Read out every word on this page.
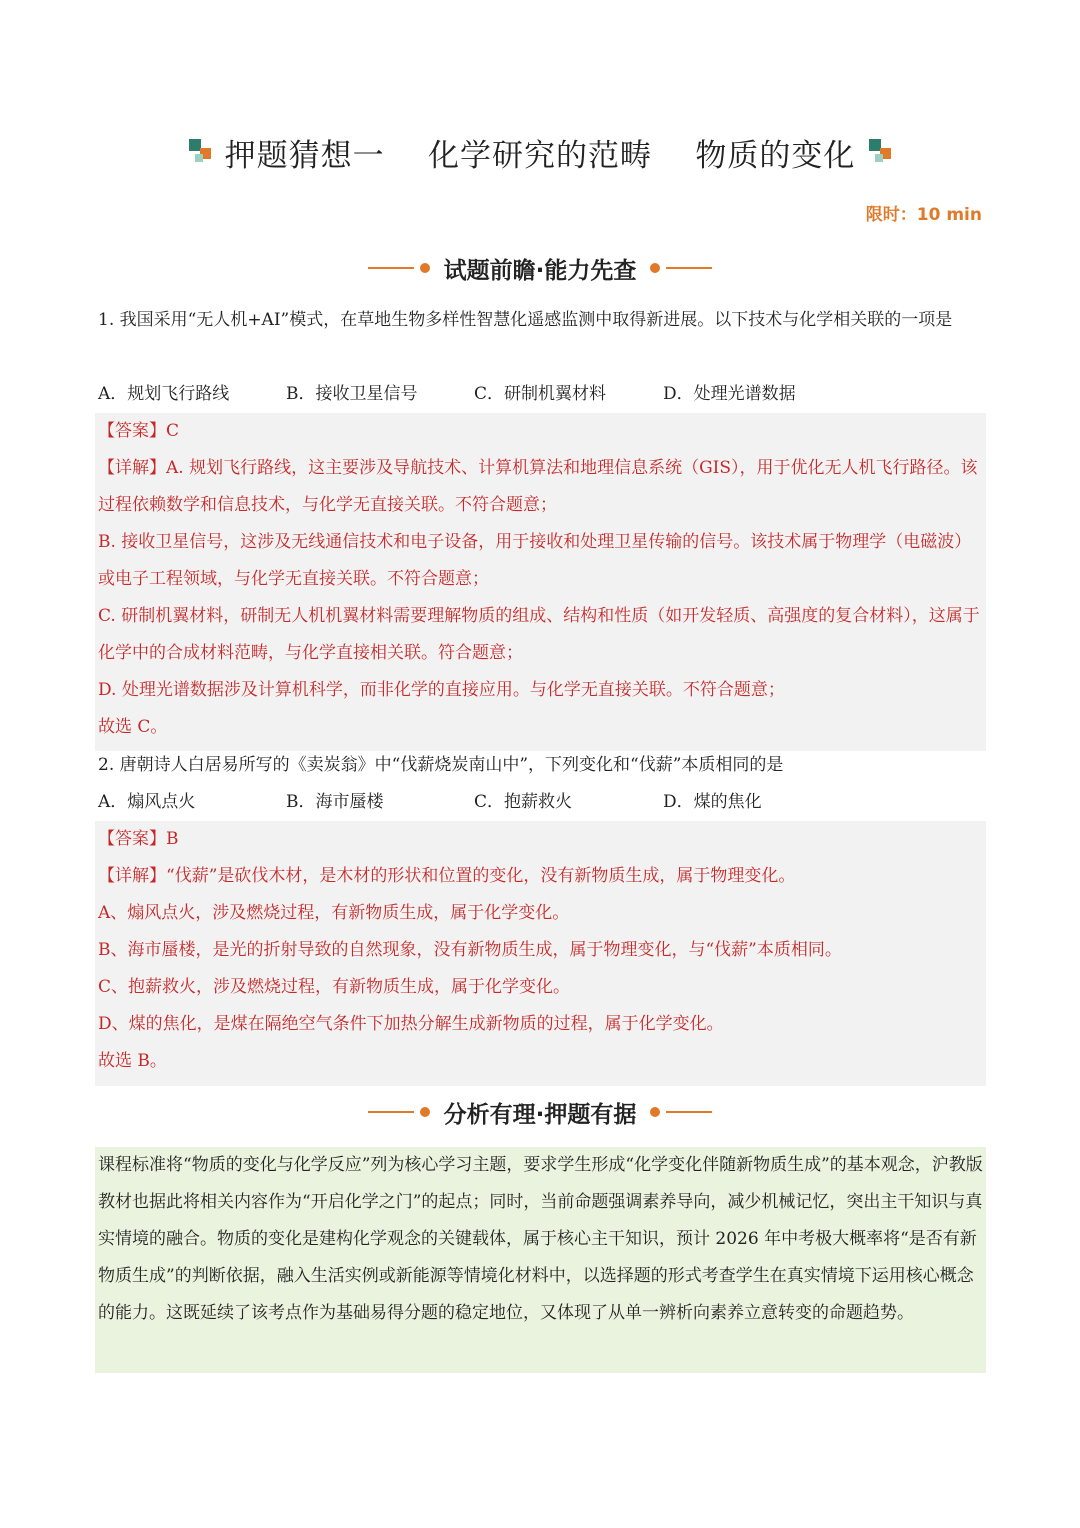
押题猜想一    化学研究的范畴    物质的变化
限时：10 min
试题前瞻·能力先查
1. 我国采用“无人机+AI”模式，在草地生物多样性智慧化遥感监测中取得新进展。以下技术与化学相关联的一项是
A．规划飞行路线	B．接收卫星信号	C．研制机翼材料	D．处理光谱数据

【答案】C

【详解】A. 规划飞行路线，这主要涉及导航技术、计算机算法和地理信息系统（GIS），用于优化无人机飞行路径。该过程依赖数学和信息技术，与化学无直接关联。不符合题意；

B. 接收卫星信号，这涉及无线通信技术和电子设备，用于接收和处理卫星传输的信号。该技术属于物理学（电磁波）或电子工程领域，与化学无直接关联。不符合题意；

C. 研制机翼材料，研制无人机机翼材料需要理解物质的组成、结构和性质（如开发轻质、高强度的复合材料），这属于化学中的合成材料范畴，与化学直接相关联。符合题意；

D. 处理光谱数据涉及计算机科学，而非化学的直接应用。与化学无直接关联。不符合题意；

故选 C。

2. 唐朝诗人白居易所写的《卖炭翁》中“伐薪烧炭南山中”，下列变化和“伐薪”本质相同的是
A．煽风点火	B．海市蜃楼	C．抱薪救火	D．煤的焦化

【答案】B

【详解】“伐薪”是砍伐木材，是木材的形状和位置的变化，没有新物质生成，属于物理变化。

A、煽风点火，涉及燃烧过程，有新物质生成，属于化学变化。

B、海市蜃楼，是光的折射导致的自然现象，没有新物质生成，属于物理变化，与“伐薪”本质相同。

C、抱薪救火，涉及燃烧过程，有新物质生成，属于化学变化。

D、煤的焦化，是煤在隔绝空气条件下加热分解生成新物质的过程，属于化学变化。

故选 B。

分析有理·押题有据
课程标准将“物质的变化与化学反应”列为核心学习主题，要求学生形成“化学变化伴随新物质生成”的基本观念，沪教版教材也据此将相关内容作为“开启化学之门”的起点；同时，当前命题强调素养导向，减少机械记忆，突出主干知识与真实情境的融合。物质的变化是建构化学观念的关键载体，属于核心主干知识，预计 2026 年中考极大概率将“是否有新物质生成”的判断依据，融入生活实例或新能源等情境化材料中，以选择题的形式考查学生在真实情境下运用核心概念的能力。这既延续了该考点作为基础易得分题的稳定地位，又体现了从单一辨析向素养立意转变的命题趋势。
